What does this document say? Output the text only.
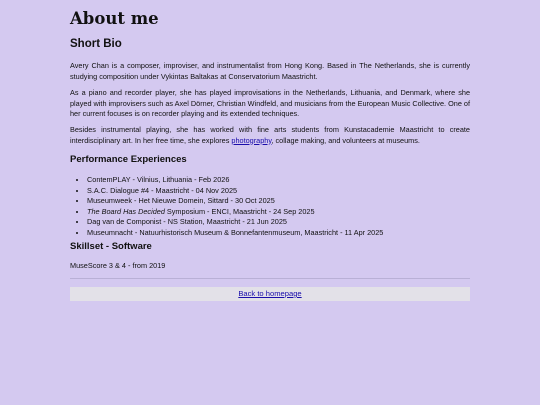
About me
Short Bio

Avery Chan is a composer, improviser, and instrumentalist from Hong Kong. Based in The Netherlands, she is currently studying composition under Vykintas Baltakas at Conservatorium Maastricht.

As a piano and recorder player, she has played improvisations in the Netherlands, Lithuania, and Denmark, where she played with improvisers such as Axel Dörner, Christian Windfeld, and musicians from the European Music Collective. One of her current focuses is on recorder playing and its extended techniques.

Besides instrumental playing, she has worked with fine arts students from Kunstacademie Maastricht to create interdisciplinary art. In her free time, she explores photography, collage making, and volunteers at museums.

Performance Experiences
• ContemPLAY - Vilnius, Lithuania - Feb 2026
• S.A.C. Dialogue #4 - Maastricht - 04 Nov 2025
• Museumweek - Het Nieuwe Domein, Sittard - 30 Oct 2025
• The Board Has Decided Symposium - ENCI, Maastricht - 24 Sep 2025
• Dag van de Componist - NS Station, Maastricht - 21 Jun 2025
• Museumnacht - Natuurhistorisch Museum & Bonnefantenmuseum, Maastricht - 11 Apr 2025
Skillset - Software

MuseScore 3 & 4 - from 2019

Back to homepage
